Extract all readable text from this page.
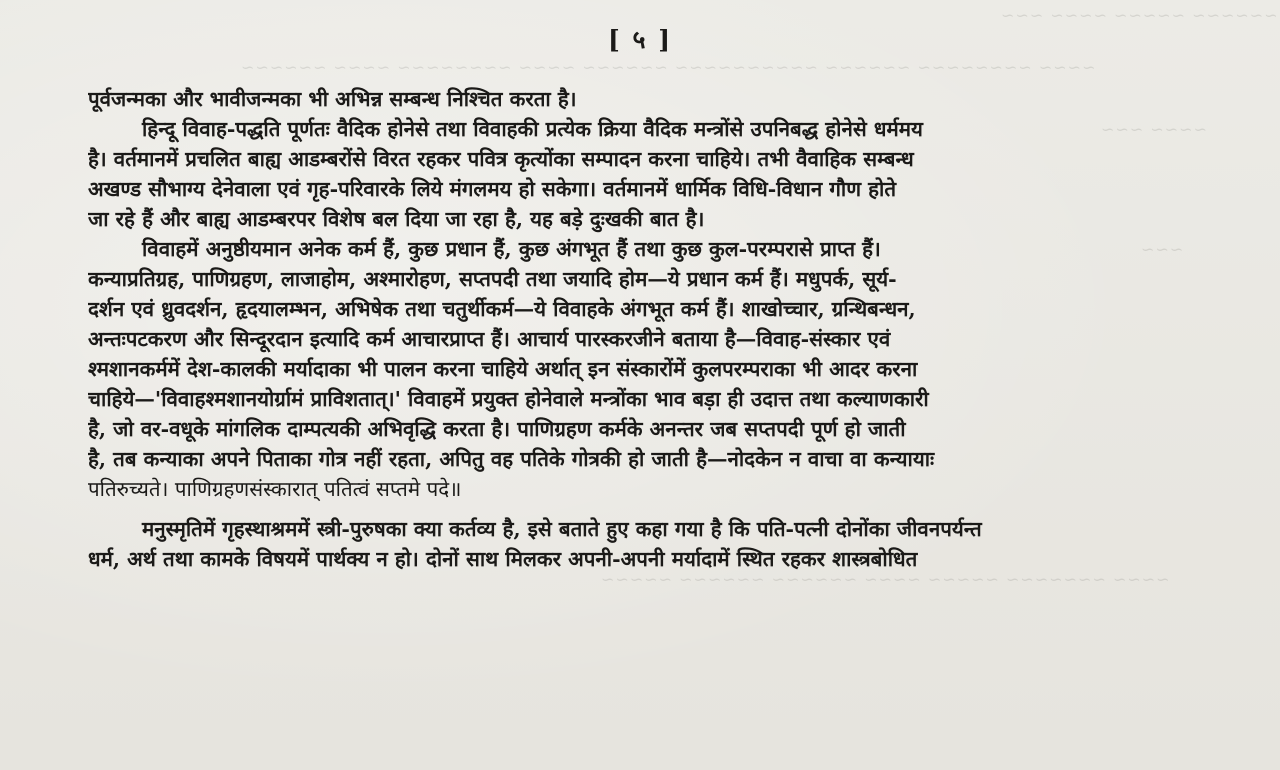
~~~~~~ ~~~~~ ~~~~ ~~~
~~~~ ~~~~~~~~ ~~~~~~ ~~~~~~~~~~ ~~~~~~ ~~~~ ~~~~~~~~ ~~~~ ~~~~~~
~~~~ ~~~
~~~
~~~~ ~~~~~~~ ~~~~~ ~~~~ ~~~~~~ ~~~~~~ ~~~~~
[ ५ ]
पूर्वजन्मका और भावीजन्मका भी अभिन्न सम्बन्ध निश्चित करता है।
हिन्दू विवाह-पद्धति पूर्णतः वैदिक होनेसे तथा विवाहकी प्रत्येक क्रिया वैदिक मन्त्रोंसे उपनिबद्ध होनेसे धर्ममय
है। वर्तमानमें प्रचलित बाह्य आडम्बरोंसे विरत रहकर पवित्र कृत्योंका सम्पादन करना चाहिये। तभी वैवाहिक सम्बन्ध
अखण्ड सौभाग्य देनेवाला एवं गृह-परिवारके लिये मंगलमय हो सकेगा। वर्तमानमें धार्मिक विधि-विधान गौण होते
जा रहे हैं और बाह्य आडम्बरपर विशेष बल दिया जा रहा है, यह बड़े दुःखकी बात है।
विवाहमें अनुष्ठीयमान अनेक कर्म हैं, कुछ प्रधान हैं, कुछ अंगभूत हैं तथा कुछ कुल-परम्परासे प्राप्त हैं।
कन्याप्रतिग्रह, पाणिग्रहण, लाजाहोम, अश्मारोहण, सप्तपदी तथा जयादि होम—ये प्रधान कर्म हैं। मधुपर्क, सूर्य-
दर्शन एवं ध्रुवदर्शन, हृदयालम्भन, अभिषेक तथा चतुर्थीकर्म—ये विवाहके अंगभूत कर्म हैं। शाखोच्चार, ग्रन्थिबन्धन,
अन्तःपटकरण और सिन्दूरदान इत्यादि कर्म आचारप्राप्त हैं। आचार्य पारस्करजीने बताया है—विवाह-संस्कार एवं
श्मशानकर्ममें देश-कालकी मर्यादाका भी पालन करना चाहिये अर्थात् इन संस्कारोंमें कुलपरम्पराका भी आदर करना
चाहिये—'विवाहश्मशानयोर्ग्रामं प्राविशतात्।' विवाहमें प्रयुक्त होनेवाले मन्त्रोंका भाव बड़ा ही उदात्त तथा कल्याणकारी
है, जो वर-वधूके मांगलिक दाम्पत्यकी अभिवृद्धि करता है। पाणिग्रहण कर्मके अनन्तर जब सप्तपदी पूर्ण हो जाती
है, तब कन्याका अपने पिताका गोत्र नहीं रहता, अपितु वह पतिके गोत्रकी हो जाती है—नोदकेन न वाचा वा कन्यायाः
पतिरुच्यते। पाणिग्रहणसंस्कारात् पतित्वं सप्तमे पदे॥
मनुस्मृतिमें गृहस्थाश्रममें स्त्री-पुरुषका क्या कर्तव्य है, इसे बताते हुए कहा गया है कि पति-पत्नी दोनोंका जीवनपर्यन्त
धर्म, अर्थ तथा कामके विषयमें पार्थक्य न हो। दोनों साथ मिलकर अपनी-अपनी मर्यादामें स्थित रहकर शास्त्रबोधित
